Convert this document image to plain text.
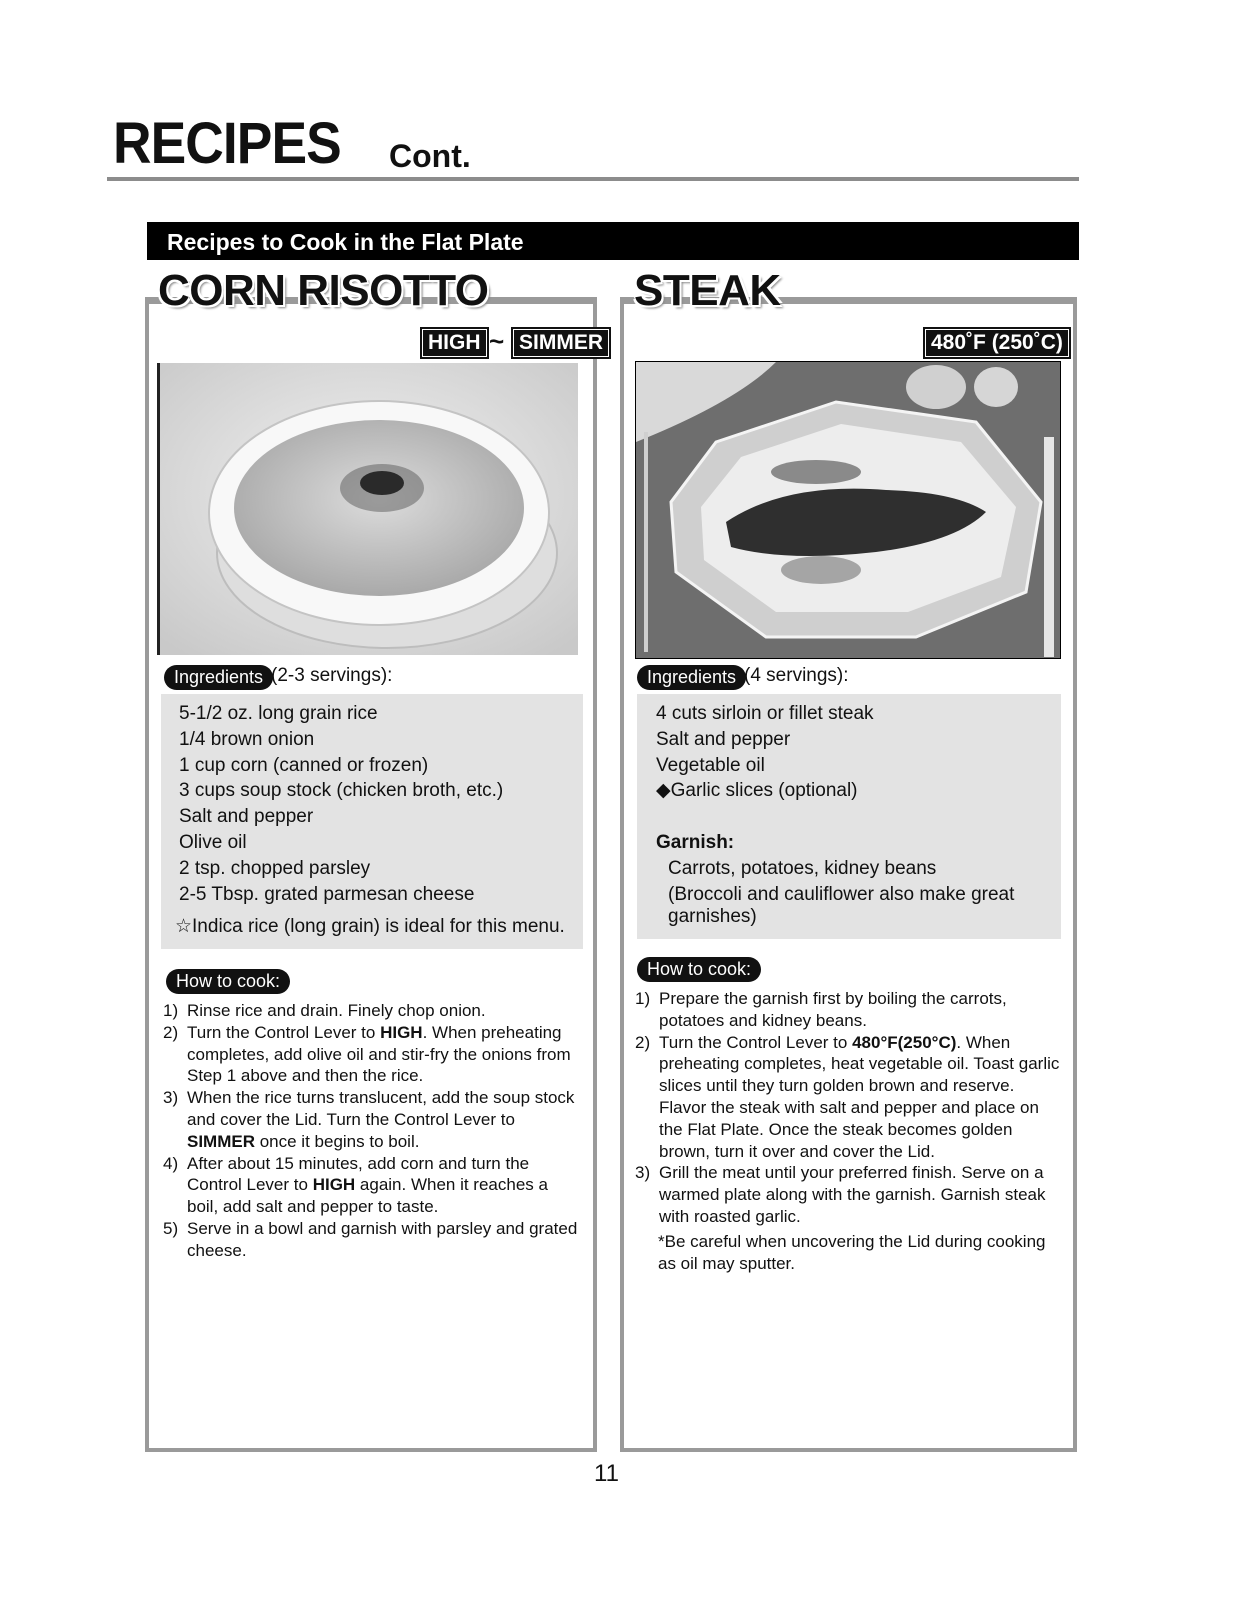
RECIPES Cont.
Recipes to Cook in the Flat Plate
CORN RISOTTO	STEAK
HIGH ~ SIMMER	480˚F (250˚C)
Ingredients (2-3 servings):
5-1/2 oz. long grain rice
1/4 brown onion
1 cup corn (canned or frozen)
3 cups soup stock (chicken broth, etc.)
Salt and pepper
Olive oil
2 tsp. chopped parsley
2-5 Tbsp. grated parmesan cheese
☆Indica rice (long grain) is ideal for this menu.
How to cook:
1) Rinse rice and drain. Finely chop onion.
2) Turn the Control Lever to HIGH. When preheating completes, add olive oil and stir-fry the onions from Step 1 above and then the rice.
3) When the rice turns translucent, add the soup stock and cover the Lid. Turn the Control Lever to SIMMER once it begins to boil.
4) After about 15 minutes, add corn and turn the Control Lever to HIGH again. When it reaches a boil, add salt and pepper to taste.
5) Serve in a bowl and garnish with parsley and grated cheese.
Ingredients (4 servings):
4 cuts sirloin or fillet steak
Salt and pepper
Vegetable oil
◆Garlic slices (optional)
Garnish:
Carrots, potatoes, kidney beans
(Broccoli and cauliflower also make great
garnishes)
How to cook:
1) Prepare the garnish first by boiling the carrots, potatoes and kidney beans.
2) Turn the Control Lever to 480°F(250°C). When preheating completes, heat vegetable oil. Toast garlic slices until they turn golden brown and reserve. Flavor the steak with salt and pepper and place on the Flat Plate. Once the steak becomes golden brown, turn it over and cover the Lid.
3) Grill the meat until your preferred finish. Serve on a warmed plate along with the garnish. Garnish steak with roasted garlic.
*Be careful when uncovering the Lid during cooking as oil may sputter.
11
